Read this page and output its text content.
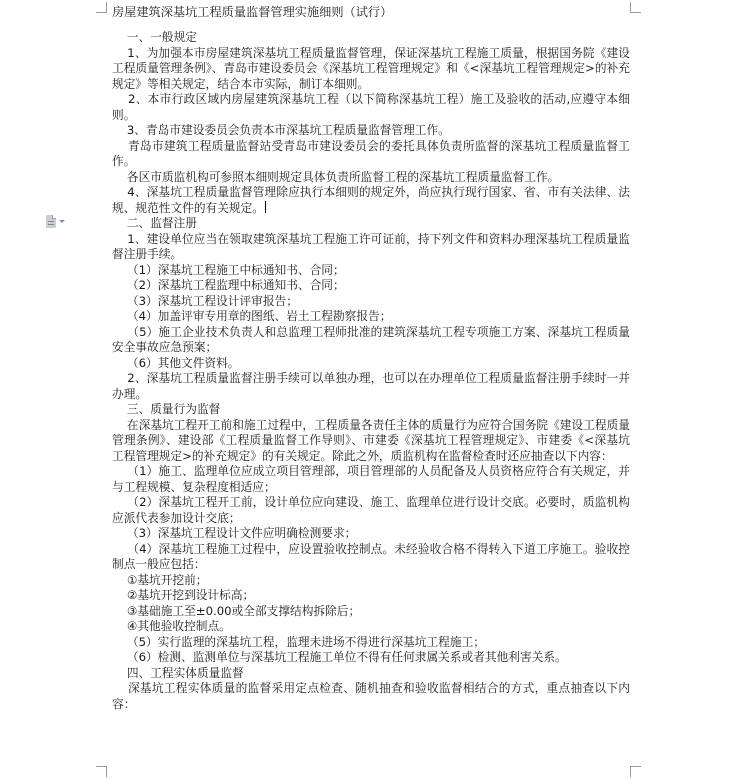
房屋建筑深基坑工程质量监督管理实施细则（试行）

一、一般规定

1、为加强本市房屋建筑深基坑工程质量监督管理，保证深基坑工程施工质量，根据国务院《建设工程质量管理条例》、青岛市建设委员会《深基坑工程管理规定》和《<深基坑工程管理规定>的补充规定》等相关规定，结合本市实际，制订本细则。

2、本市行政区域内房屋建筑深基坑工程（以下简称深基坑工程）施工及验收的活动,应遵守本细则。

3、青岛市建设委员会负责本市深基坑工程质量监督管理工作。

青岛市建筑工程质量监督站受青岛市建设委员会的委托具体负责所监督的深基坑工程质量监督工作。

各区市质监机构可参照本细则规定具体负责所监督工程的深基坑工程质量监督工作。

4、深基坑工程质量监督管理除应执行本细则的规定外，尚应执行现行国家、省、市有关法律、法规、规范性文件的有关规定。

二、监督注册

1、建设单位应当在领取建筑深基坑工程施工许可证前，持下列文件和资料办理深基坑工程质量监督注册手续。

（1）深基坑工程施工中标通知书、合同；

（2）深基坑工程监理中标通知书、合同；

（3）深基坑工程设计评审报告；

（4）加盖评审专用章的图纸、岩土工程勘察报告；

（5）施工企业技术负责人和总监理工程师批准的建筑深基坑工程专项施工方案、深基坑工程质量安全事故应急预案；

（6）其他文件资料。

2、深基坑工程质量监督注册手续可以单独办理，也可以在办理单位工程质量监督注册手续时一并办理。

三、质量行为监督

在深基坑工程开工前和施工过程中，工程质量各责任主体的质量行为应符合国务院《建设工程质量管理条例》、建设部《工程质量监督工作导则》、市建委《深基坑工程管理规定》、市建委《<深基坑工程管理规定>的补充规定》的有关规定。除此之外，质监机构在监督检查时还应抽查以下内容：

（1）施工、监理单位应成立项目管理部，项目管理部的人员配备及人员资格应符合有关规定，并与工程规模、复杂程度相适应；

（2）深基坑工程开工前，设计单位应向建设、施工、监理单位进行设计交底。必要时，质监机构应派代表参加设计交底；

（3）深基坑工程设计文件应明确检测要求；

（4）深基坑工程施工过程中，应设置验收控制点。未经验收合格不得转入下道工序施工。验收控制点一般应包括：

①基坑开挖前；

②基坑开挖到设计标高；

③基础施工至±0.00或全部支撑结构拆除后；

④其他验收控制点。

（5）实行监理的深基坑工程，监理未进场不得进行深基坑工程施工；

（6）检测、监测单位与深基坑工程施工单位不得有任何隶属关系或者其他利害关系。

四、工程实体质量监督

深基坑工程实体质量的监督采用定点检查、随机抽查和验收监督相结合的方式，重点抽查以下内容：
